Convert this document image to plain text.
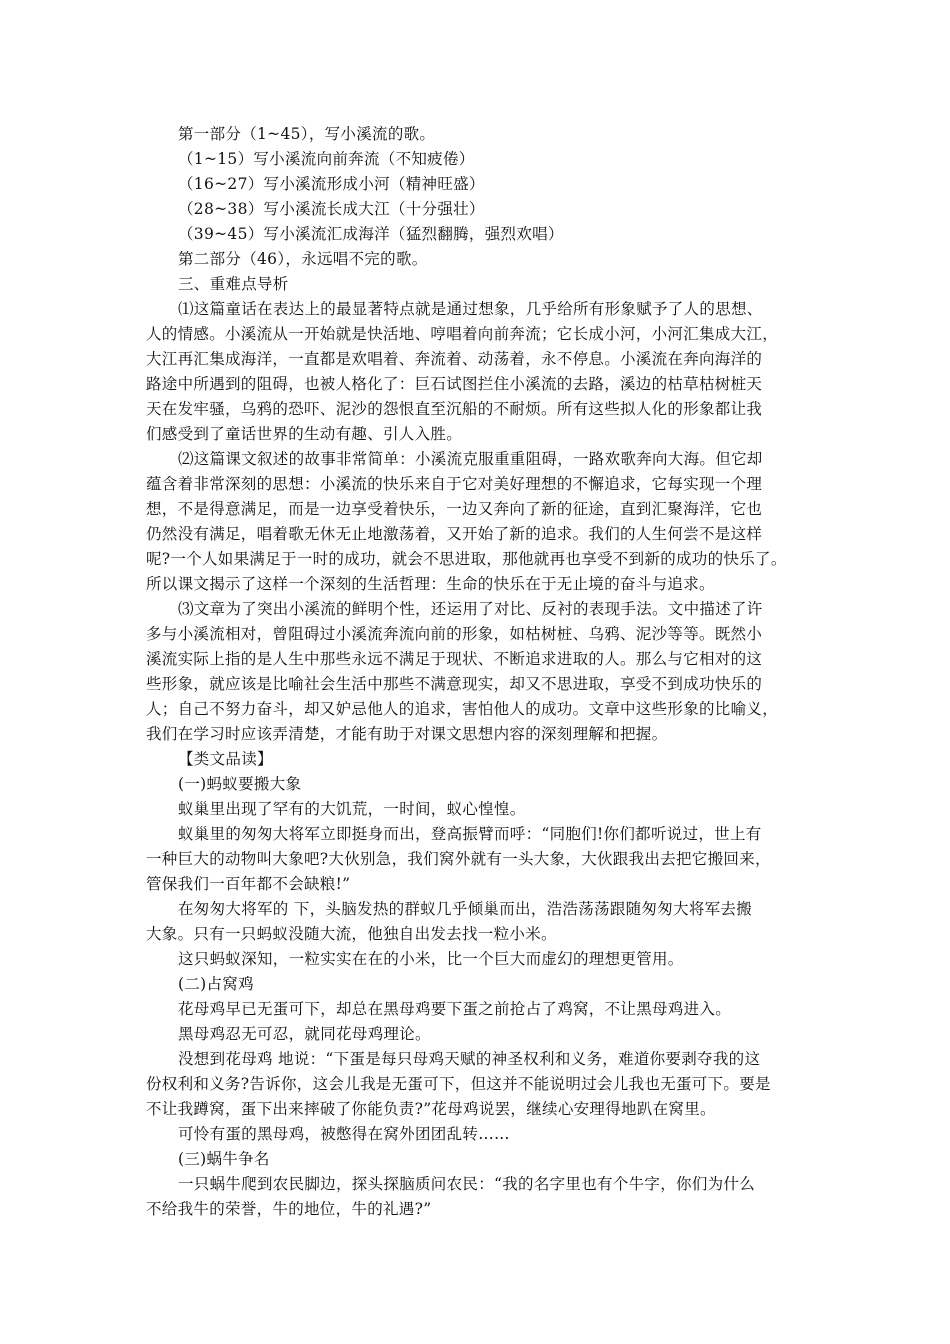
第一部分（1~45），写小溪流的歌。
（1~15）写小溪流向前奔流（不知疲倦）
（16~27）写小溪流形成小河（精神旺盛）
（28~38）写小溪流长成大江（十分强壮）
（39~45）写小溪流汇成海洋（猛烈翻腾，强烈欢唱）
第二部分（46），永远唱不完的歌。
三、重难点导析
⑴这篇童话在表达上的最显著特点就是通过想象，几乎给所有形象赋予了人的思想、
人的情感。小溪流从一开始就是快活地、哼唱着向前奔流；它长成小河，小河汇集成大江，
大江再汇集成海洋，一直都是欢唱着、奔流着、动荡着，永不停息。小溪流在奔向海洋的
路途中所遇到的阻碍，也被人格化了：巨石试图拦住小溪流的去路，溪边的枯草枯树桩天
天在发牢骚，乌鸦的恐吓、泥沙的怨恨直至沉船的不耐烦。所有这些拟人化的形象都让我
们感受到了童话世界的生动有趣、引人入胜。
⑵这篇课文叙述的故事非常简单：小溪流克服重重阻碍，一路欢歌奔向大海。但它却
蕴含着非常深刻的思想：小溪流的快乐来自于它对美好理想的不懈追求，它每实现一个理
想，不是得意满足，而是一边享受着快乐，一边又奔向了新的征途，直到汇聚海洋，它也
仍然没有满足，唱着歌无休无止地激荡着，又开始了新的追求。我们的人生何尝不是这样
呢?一个人如果满足于一时的成功，就会不思进取，那他就再也享受不到新的成功的快乐了。
所以课文揭示了这样一个深刻的生活哲理：生命的快乐在于无止境的奋斗与追求。
⑶文章为了突出小溪流的鲜明个性，还运用了对比、反衬的表现手法。文中描述了许
多与小溪流相对，曾阻碍过小溪流奔流向前的形象，如枯树桩、乌鸦、泥沙等等。既然小
溪流实际上指的是人生中那些永远不满足于现状、不断追求进取的人。那么与它相对的这
些形象，就应该是比喻社会生活中那些不满意现实，却又不思进取，享受不到成功快乐的
人；自己不努力奋斗，却又妒忌他人的追求，害怕他人的成功。文章中这些形象的比喻义，
我们在学习时应该弄清楚，才能有助于对课文思想内容的深刻理解和把握。
【类文品读】
(一)蚂蚁要搬大象
蚁巢里出现了罕有的大饥荒，一时间，蚁心惶惶。
蚁巢里的匆匆大将军立即挺身而出，登高振臂而呼：“同胞们!你们都听说过，世上有
一种巨大的动物叫大象吧?大伙别急，我们窝外就有一头大象，大伙跟我出去把它搬回来，
管保我们一百年都不会缺粮!”
在匆匆大将军的 下，头脑发热的群蚁几乎倾巢而出，浩浩荡荡跟随匆匆大将军去搬
大象。只有一只蚂蚁没随大流，他独自出发去找一粒小米。
这只蚂蚁深知，一粒实实在在的小米，比一个巨大而虚幻的理想更管用。
(二)占窝鸡
花母鸡早已无蛋可下，却总在黑母鸡要下蛋之前抢占了鸡窝，不让黑母鸡进入。
黑母鸡忍无可忍，就同花母鸡理论。
没想到花母鸡 地说：“下蛋是每只母鸡天赋的神圣权利和义务，难道你要剥夺我的这
份权利和义务?告诉你，这会儿我是无蛋可下，但这并不能说明过会儿我也无蛋可下。要是
不让我蹲窝，蛋下出来摔破了你能负责?”花母鸡说罢，继续心安理得地趴在窝里。
可怜有蛋的黑母鸡，被憋得在窝外团团乱转……
(三)蜗牛争名
一只蜗牛爬到农民脚边，探头探脑质问农民：“我的名字里也有个牛字，你们为什么
不给我牛的荣誉，牛的地位，牛的礼遇?”
